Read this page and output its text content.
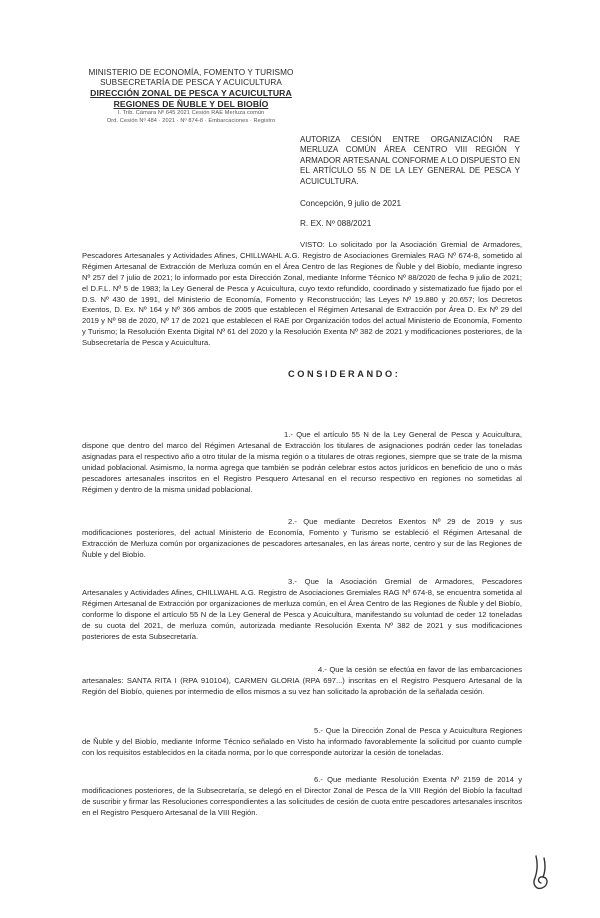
MINISTERIO DE ECONOMÍA, FOMENTO Y TURISMO
SUBSECRETARÍA DE PESCA Y ACUICULTURA
DIRECCIÓN ZONAL DE PESCA Y ACUICULTURA
REGIONES DE ÑUBLE Y DEL BIOBÍO
I. Trib. Cámara Nº 645 2021 Cesión RAE Merluza común
Ord. Cesión Nº 484 · 2021 · Nº 874-8 · Embarcaciones · Registro
AUTORIZA CESIÓN ENTRE ORGANIZACIÓN RAE MERLUZA COMÚN ÁREA CENTRO VIII REGIÓN Y ARMADOR ARTESANAL CONFORME A LO DISPUESTO EN EL ARTÍCULO 55 N DE LA LEY GENERAL DE PESCA Y ACUICULTURA.
Concepción, 9 julio de 2021
R. EX. Nº 088/2021
VISTO: Lo solicitado por la Asociación Gremial de Armadores, Pescadores Artesanales y Actividades Afines, CHILLWAHL A.G. Registro de Asociaciones Gremiales RAG Nº 674-8, sometido al Régimen Artesanal de Extracción de Merluza común en el Área Centro de las Regiones de Ñuble y del Biobío, mediante ingreso Nº 257 del 7 julio de 2021; lo informado por esta Dirección Zonal, mediante Informe Técnico Nº 88/2020 de fecha 9 julio de 2021; el D.F.L. Nº 5 de 1983; la Ley General de Pesca y Acuicultura, cuyo texto refundido, coordinado y sistematizado fue fijado por el D.S. Nº 430 de 1991, del Ministerio de Economía, Fomento y Reconstrucción; las Leyes Nº 19.880 y 20.657; los Decretos Exentos, D. Ex. Nº 164 y Nº 366 ambos de 2005 que establecen el Régimen Artesanal de Extracción por Área D. Ex Nº 29 del 2019 y Nº 98 de 2020, Nº 17 de 2021 que establecen el RAE por Organización todos del actual Ministerio de Economía, Fomento y Turismo; la Resolución Exenta Digital Nº 61 del 2020 y la Resolución Exenta Nº 382 de 2021 y modificaciones posteriores, de la Subsecretaría de Pesca y Acuicultura.
CONSIDERANDO:
1.- Que el artículo 55 N de la Ley General de Pesca y Acuicultura, dispone que dentro del marco del Régimen Artesanal de Extracción los titulares de asignaciones podrán ceder las toneladas asignadas para el respectivo año a otro titular de la misma región o a titulares de otras regiones, siempre que se trate de la misma unidad poblacional. Asimismo, la norma agrega que también se podrán celebrar estos actos jurídicos en beneficio de uno o más pescadores artesanales inscritos en el Registro Pesquero Artesanal en el recurso respectivo en regiones no sometidas al Régimen y dentro de la misma unidad poblacional.
2.- Que mediante Decretos Exentos Nº 29 de 2019 y sus modificaciones posteriores, del actual Ministerio de Economía, Fomento y Turismo se estableció el Régimen Artesanal de Extracción de Merluza común por organizaciones de pescadores artesanales, en las áreas norte, centro y sur de las Regiones de Ñuble y del Biobío.
3.- Que la Asociación Gremial de Armadores, Pescadores Artesanales y Actividades Afines, CHILLWAHL A.G. Registro de Asociaciones Gremiales RAG Nº 674-8, se encuentra sometida al Régimen Artesanal de Extracción por organizaciones de merluza común, en el Área Centro de las Regiones de Ñuble y del Biobío, conforme lo dispone el artículo 55 N de la Ley General de Pesca y Acuicultura, manifestando su voluntad de ceder 12 toneladas de su cuota del 2021, de merluza común, autorizada mediante Resolución Exenta Nº 382 de 2021 y sus modificaciones posteriores de esta Subsecretaría.
4.- Que la cesión se efectúa en favor de las embarcaciones artesanales: SANTA RITA I (RPA 910104), CARMEN GLORIA (RPA 697...) inscritas en el Registro Pesquero Artesanal de la Región del Biobío, quienes por intermedio de ellos mismos a su vez han solicitado la aprobación de la señalada cesión.
5.- Que la Dirección Zonal de Pesca y Acuicultura Regiones de Ñuble y del Biobío, mediante Informe Técnico señalado en Visto ha informado favorablemente la solicitud por cuanto cumple con los requisitos establecidos en la citada norma, por lo que corresponde autorizar la cesión de toneladas.
6.- Que mediante Resolución Exenta Nº 2159 de 2014 y modificaciones posteriores, de la Subsecretaría, se delegó en el Director Zonal de Pesca de la VIII Región del Biobío la facultad de suscribir y firmar las Resoluciones correspondientes a las solicitudes de cesión de cuota entre pescadores artesanales inscritos en el Registro Pesquero Artesanal de la VIII Región.
